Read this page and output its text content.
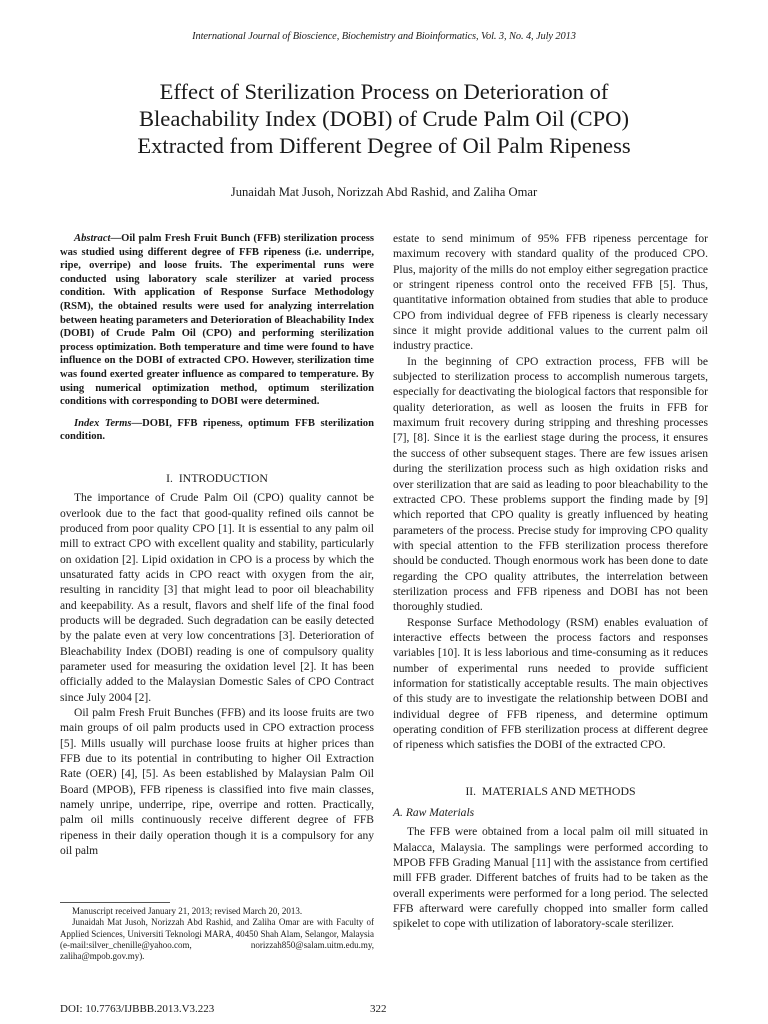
International Journal of Bioscience, Biochemistry and Bioinformatics, Vol. 3, No. 4, July 2013
Effect of Sterilization Process on Deterioration of
Bleachability Index (DOBI) of Crude Palm Oil (CPO)
Extracted from Different Degree of Oil Palm Ripeness
Junaidah Mat Jusoh, Norizzah Abd Rashid, and Zaliha Omar

Abstract—Oil palm Fresh Fruit Bunch (FFB) sterilization process was studied using different degree of FFB ripeness (i.e. underripe, ripe, overripe) and loose fruits. The experimental runs were conducted using laboratory scale sterilizer at varied process condition. With application of Response Surface Methodology (RSM), the obtained results were used for analyzing interrelation between heating parameters and Deterioration of Bleachability Index (DOBI) of Crude Palm Oil (CPO) and performing sterilization process optimization. Both temperature and time were found to have influence on the DOBI of extracted CPO. However, sterilization time was found exerted greater influence as compared to temperature. By using numerical optimization method, optimum sterilization conditions with corresponding to DOBI were determined.

Index Terms—DOBI, FFB ripeness, optimum FFB sterilization condition.

I. INTRODUCTION

The importance of Crude Palm Oil (CPO) quality cannot be overlook due to the fact that good-quality refined oils cannot be produced from poor quality CPO [1]. It is essential to any palm oil mill to extract CPO with excellent quality and stability, particularly on oxidation [2]. Lipid oxidation in CPO is a process by which the unsaturated fatty acids in CPO react with oxygen from the air, resulting in rancidity [3] that might lead to poor oil bleachability and keepability. As a result, flavors and shelf life of the final food products will be degraded. Such degradation can be easily detected by the palate even at very low concentrations [3]. Deterioration of Bleachability Index (DOBI) reading is one of compulsory quality parameter used for measuring the oxidation level [2]. It has been officially added to the Malaysian Domestic Sales of CPO Contract since July 2004 [2].

Oil palm Fresh Fruit Bunches (FFB) and its loose fruits are two main groups of oil palm products used in CPO extraction process [5]. Mills usually will purchase loose fruits at higher prices than FFB due to its potential in contributing to higher Oil Extraction Rate (OER) [4], [5]. As been established by Malaysian Palm Oil Board (MPOB), FFB ripeness is classified into five main classes, namely unripe, underripe, ripe, overripe and rotten. Practically, palm oil mills continuously receive different degree of FFB ripeness in their daily operation though it is a compulsory for any oil palm

estate to send minimum of 95% FFB ripeness percentage for maximum recovery with standard quality of the produced CPO. Plus, majority of the mills do not employ either segregation practice or stringent ripeness control onto the received FFB [5]. Thus, quantitative information obtained from studies that able to produce CPO from individual degree of FFB ripeness is clearly necessary since it might provide additional values to the current palm oil industry practice.

In the beginning of CPO extraction process, FFB will be subjected to sterilization process to accomplish numerous targets, especially for deactivating the biological factors that responsible for quality deterioration, as well as loosen the fruits in FFB for maximum fruit recovery during stripping and threshing processes [7], [8]. Since it is the earliest stage during the process, it ensures the success of other subsequent stages. There are few issues arisen during the sterilization process such as high oxidation risks and over sterilization that are said as leading to poor bleachability to the extracted CPO. These problems support the finding made by [9] which reported that CPO quality is greatly influenced by heating parameters of the process. Precise study for improving CPO quality with special attention to the FFB sterilization process therefore should be conducted. Though enormous work has been done to date regarding the CPO quality attributes, the interrelation between sterilization process and FFB ripeness and DOBI has not been thoroughly studied.

Response Surface Methodology (RSM) enables evaluation of interactive effects between the process factors and responses variables [10]. It is less laborious and time-consuming as it reduces number of experimental runs needed to provide sufficient information for statistically acceptable results. The main objectives of this study are to investigate the relationship between DOBI and individual degree of FFB ripeness, and determine optimum operating condition of FFB sterilization process at different degree of ripeness which satisfies the DOBI of the extracted CPO.

II. MATERIALS AND METHODS

A. Raw Materials

The FFB were obtained from a local palm oil mill situated in Malacca, Malaysia. The samplings were performed according to MPOB FFB Grading Manual [11] with the assistance from certified mill FFB grader. Different batches of fruits had to be taken as the overall experiments were performed for a long period. The selected FFB afterward were carefully chopped into smaller form called spikelet to cope with utilization of laboratory-scale sterilizer.

Manuscript received January 21, 2013; revised March 20, 2013.

Junaidah Mat Jusoh, Norizzah Abd Rashid, and Zaliha Omar are with Faculty of Applied Sciences, Universiti Teknologi MARA, 40450 Shah Alam, Selangor, Malaysia (e-mail:silver_chenille@yahoo.com, norizzah850@salam.uitm.edu.my, zaliha@mpob.gov.my).

DOI: 10.7763/IJBBB.2013.V3.223	322
